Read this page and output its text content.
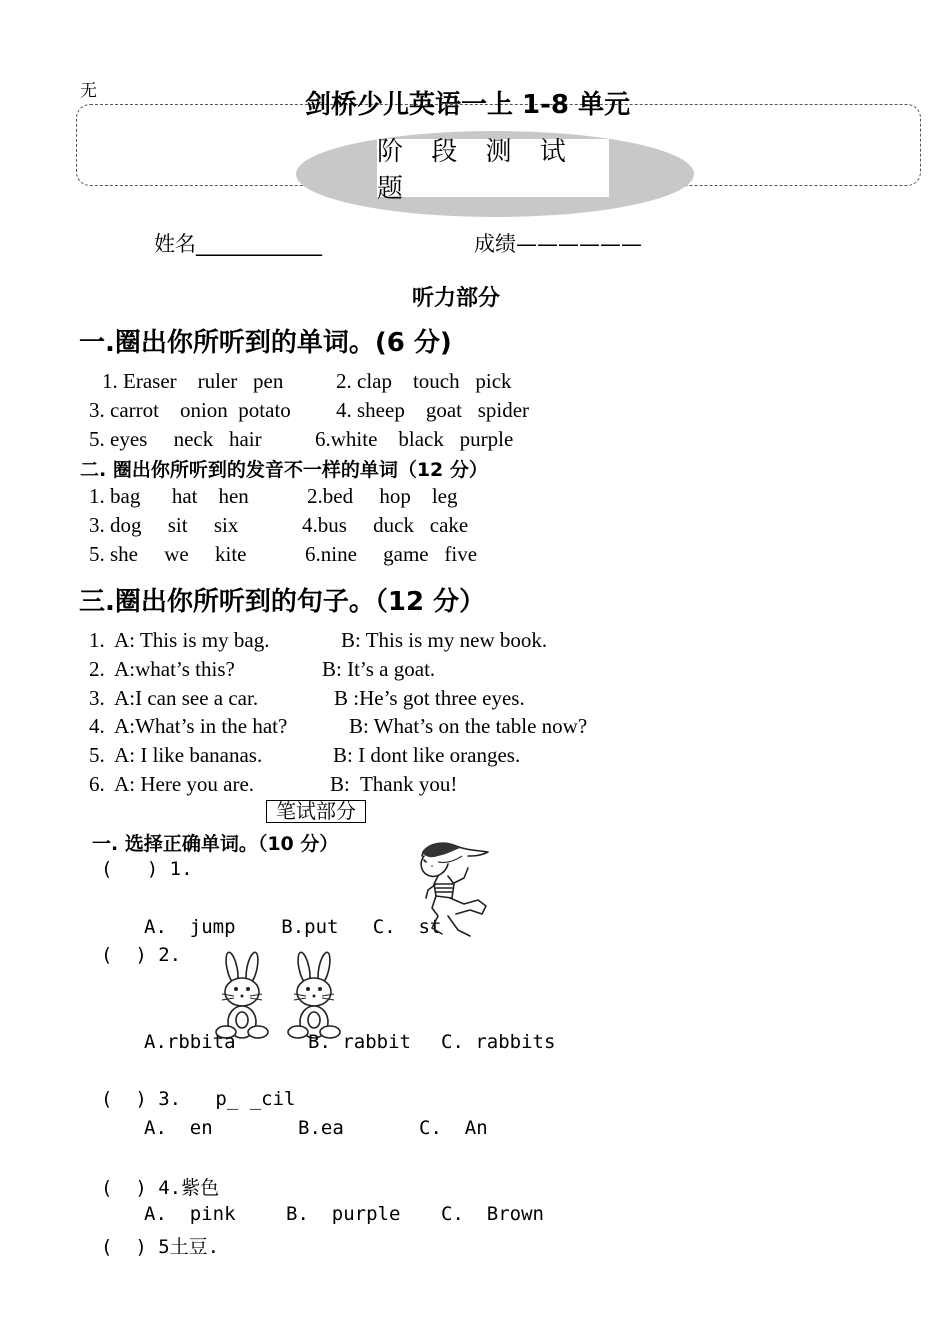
无
阶 段 测 试 题
剑桥少儿英语一上 1-8 单元
姓名____________	成绩——————
听力部分
一.圈出你所听到的单词。(6 分)
1. Eraser    ruler   pen	2. clap    touch   pick
3. carrot    onion  potato 4. sheep    goat   spider
5. eyes     neck   hair	6.white    black   purple
二. 圈出你所听到的发音不一样的单词（12 分）
1. bag      hat    hen	2.bed     hop    leg
3. dog     sit     six	4.bus     duck   cake
5. she     we     kite	6.nine     game   five
三.圈出你所听到的句子。（12 分）
1.  A: This is my bag.	B: This is my new book.
2.  A:what’s this?	B: It’s a goat.
3.  A:I can see a car.	B :He’s got three eyes.
4.  A:What’s in the hat?	B: What’s on the table now?
5.  A: I like bananas.	B: I dont like oranges.
6.  A: Here you are.	B:  Thank you!
笔试部分
一. 选择正确单词。（10 分）
(   ) 1.
A.  jump    B.put   C.  st
(  ) 2.
A.rbbita	B. rabbit C. rabbits
(  ) 3.   p_ _cil
A.  en	B.ea	C.  An
(  ) 4.紫色
A.  pink	B.  purple C.  Brown
(  ) 5土豆.
